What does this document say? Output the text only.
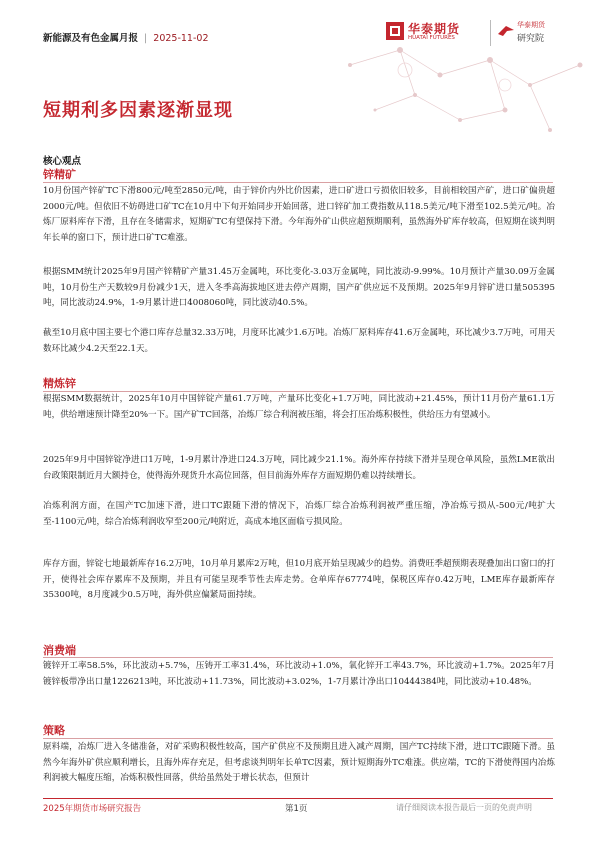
新能源及有色金属月报 | 2025-11-02
华泰期货
HUATAI FUTURES
华泰期货
研究院
短期利多因素逐渐显现
核心观点
锌精矿

10月份国产锌矿TC下滑800元/吨至2850元/吨，由于锌价内外比价因素，进口矿进口亏损依旧较多，目前相较国产矿，进口矿偏贵超2000元/吨。但依旧不妨碍进口矿TC在10月中下旬开始同步开始回落，进口锌矿加工费指数从118.5美元/吨下滑至102.5美元/吨。冶炼厂原料库存下滑，且存在冬储需求，短期矿TC有望保持下滑。今年海外矿山供应超预期顺利，虽然海外矿库存较高，但短期在谈判明年长单的窗口下，预计进口矿TC难涨。

根据SMM统计2025年9月国产锌精矿产量31.45万金属吨，环比变化-3.03万金属吨，同比波动-9.99%。10月预计产量30.09万金属吨，10月份生产天数较9月份减少1天，进入冬季高海拔地区进去停产周期，国产矿供应远不及预期。2025年9月锌矿进口量505395吨，同比波动24.9%，1-9月累计进口4008060吨，同比波动40.5%。

截至10月底中国主要七个港口库存总量32.33万吨，月度环比减少1.6万吨。冶炼厂原料库存41.6万金属吨，环比减少3.7万吨，可用天数环比减少4.2天至22.1天。

精炼锌

根据SMM数据统计，2025年10月中国锌锭产量61.7万吨，产量环比变化+1.7万吨，同比波动+21.45%，预计11月份产量61.1万吨，供给增速预计降至20%一下。国产矿TC回落，冶炼厂综合利润被压缩，将会打压冶炼积极性，供给压力有望减小。

2025年9月中国锌锭净进口1万吨，1-9月累计净进口24.3万吨，同比减少21.1%。海外库存持续下滑并呈现仓单风险，虽然LME欲出台政策限制近月大额持仓，使得海外现货升水高位回落，但目前海外库存方面短期仍难以持续增长。

冶炼利润方面，在国产TC加速下滑，进口TC跟随下滑的情况下，冶炼厂综合冶炼利润被严重压缩，净冶炼亏损从-500元/吨扩大至-1100元/吨，综合冶炼利润收窄至200元/吨附近，高成本地区面临亏损风险。

库存方面，锌锭七地最新库存16.2万吨，10月单月累库2万吨，但10月底开始呈现减少的趋势。消费旺季超预期表现叠加出口窗口的打开，使得社会库存累库不及预期，并且有可能呈现季节性去库走势。仓单库存67774吨，保税区库存0.42万吨，LME库存最新库存35300吨，8月度减少0.5万吨，海外供应偏紧局面持续。

消费端

镀锌开工率58.5%，环比波动+5.7%，压铸开工率31.4%，环比波动+1.0%，氧化锌开工率43.7%，环比波动+1.7%。2025年7月镀锌板带净出口量1226213吨，环比波动+11.73%，同比波动+3.02%，1-7月累计净出口10444384吨，同比波动+10.48%。

策略

原料端，冶炼厂进入冬储准备，对矿采购积极性较高，国产矿供应不及预期且进入减产周期，国产TC持续下滑，进口TC跟随下滑。虽然今年海外矿供应顺利增长，且海外库存充足，但考虑谈判明年长单TC因素，预计短期海外TC难涨。供应端，TC的下滑使得国内冶炼利润被大幅度压缩，冶炼积极性回落，供给虽然处于增长状态，但预计

2025年期货市场研究报告	第1页	请仔细阅读本报告最后一页的免责声明
